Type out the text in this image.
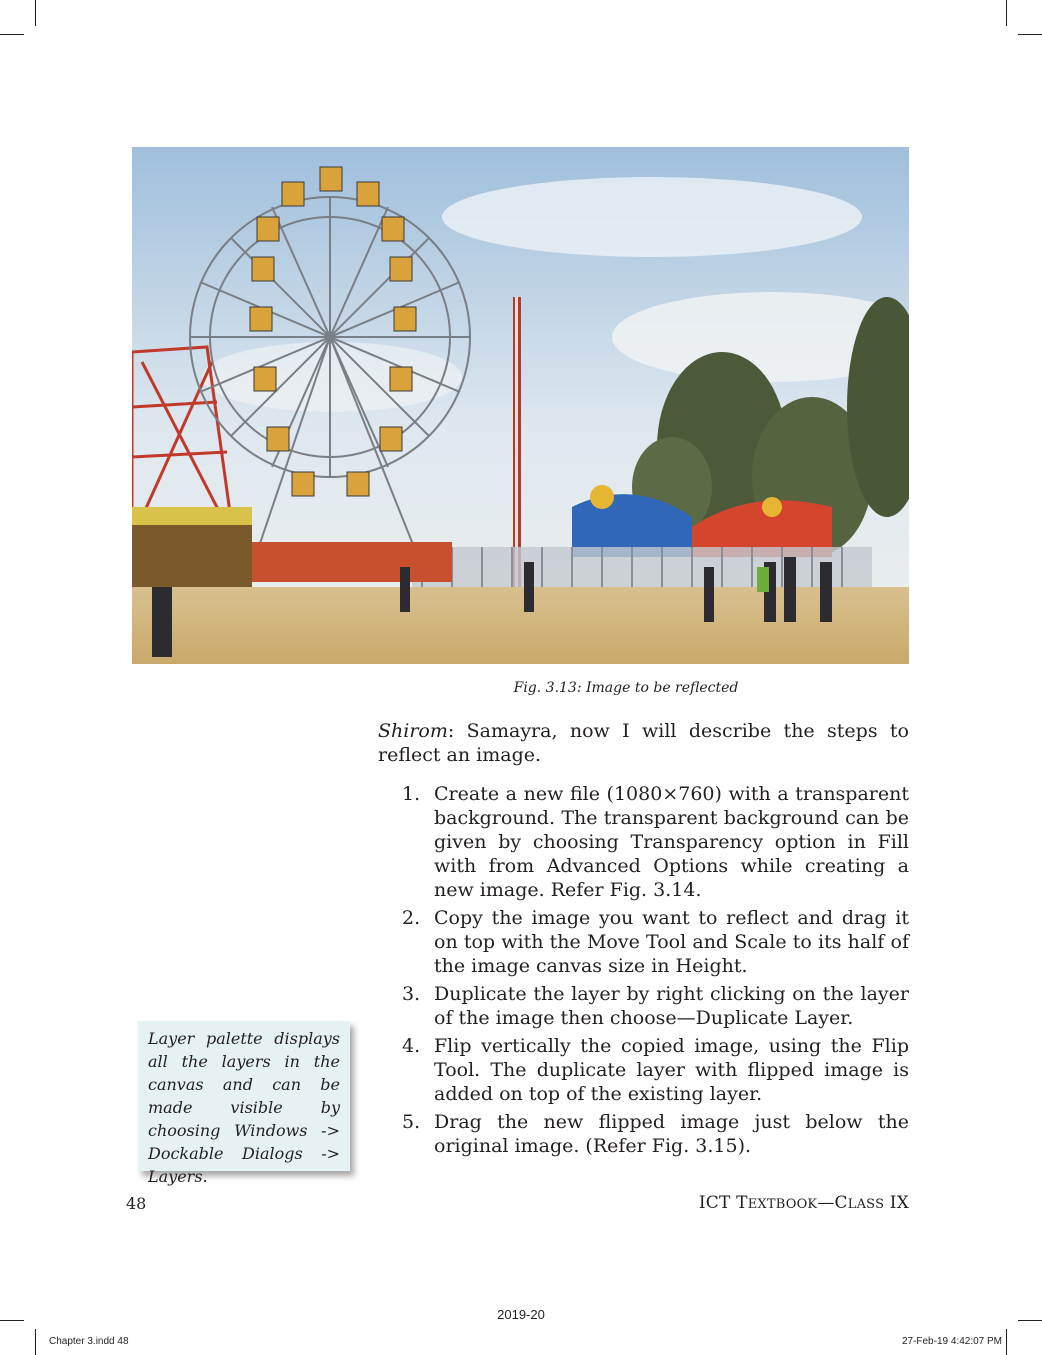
Fig. 3.13: Image to be reflected
Shirom: Samayra, now I will describe the steps to reflect an image.
1. Create a new file (1080×760) with a transparent background. The transparent background can be given by choosing Transparency option in Fill with from Advanced Options while creating a new image. Refer Fig. 3.14.
2. Copy the image you want to reflect and drag it on top with the Move Tool and Scale to its half of the image canvas size in Height.
3. Duplicate the layer by right clicking on the layer of the image then choose—Duplicate Layer.
4. Flip vertically the copied image, using the Flip Tool. The duplicate layer with flipped image is added on top of the existing layer.
5. Drag the new flipped image just below the original image. (Refer Fig. 3.15).
Layer palette displays all the layers in the canvas and can be made visible by choosing Windows -> Dockable Dialogs -> Layers.
48	ICT TEXTBOOK—CLASS IX
2019-20
Chapter 3.indd 48	27-Feb-19 4:42:07 PM
